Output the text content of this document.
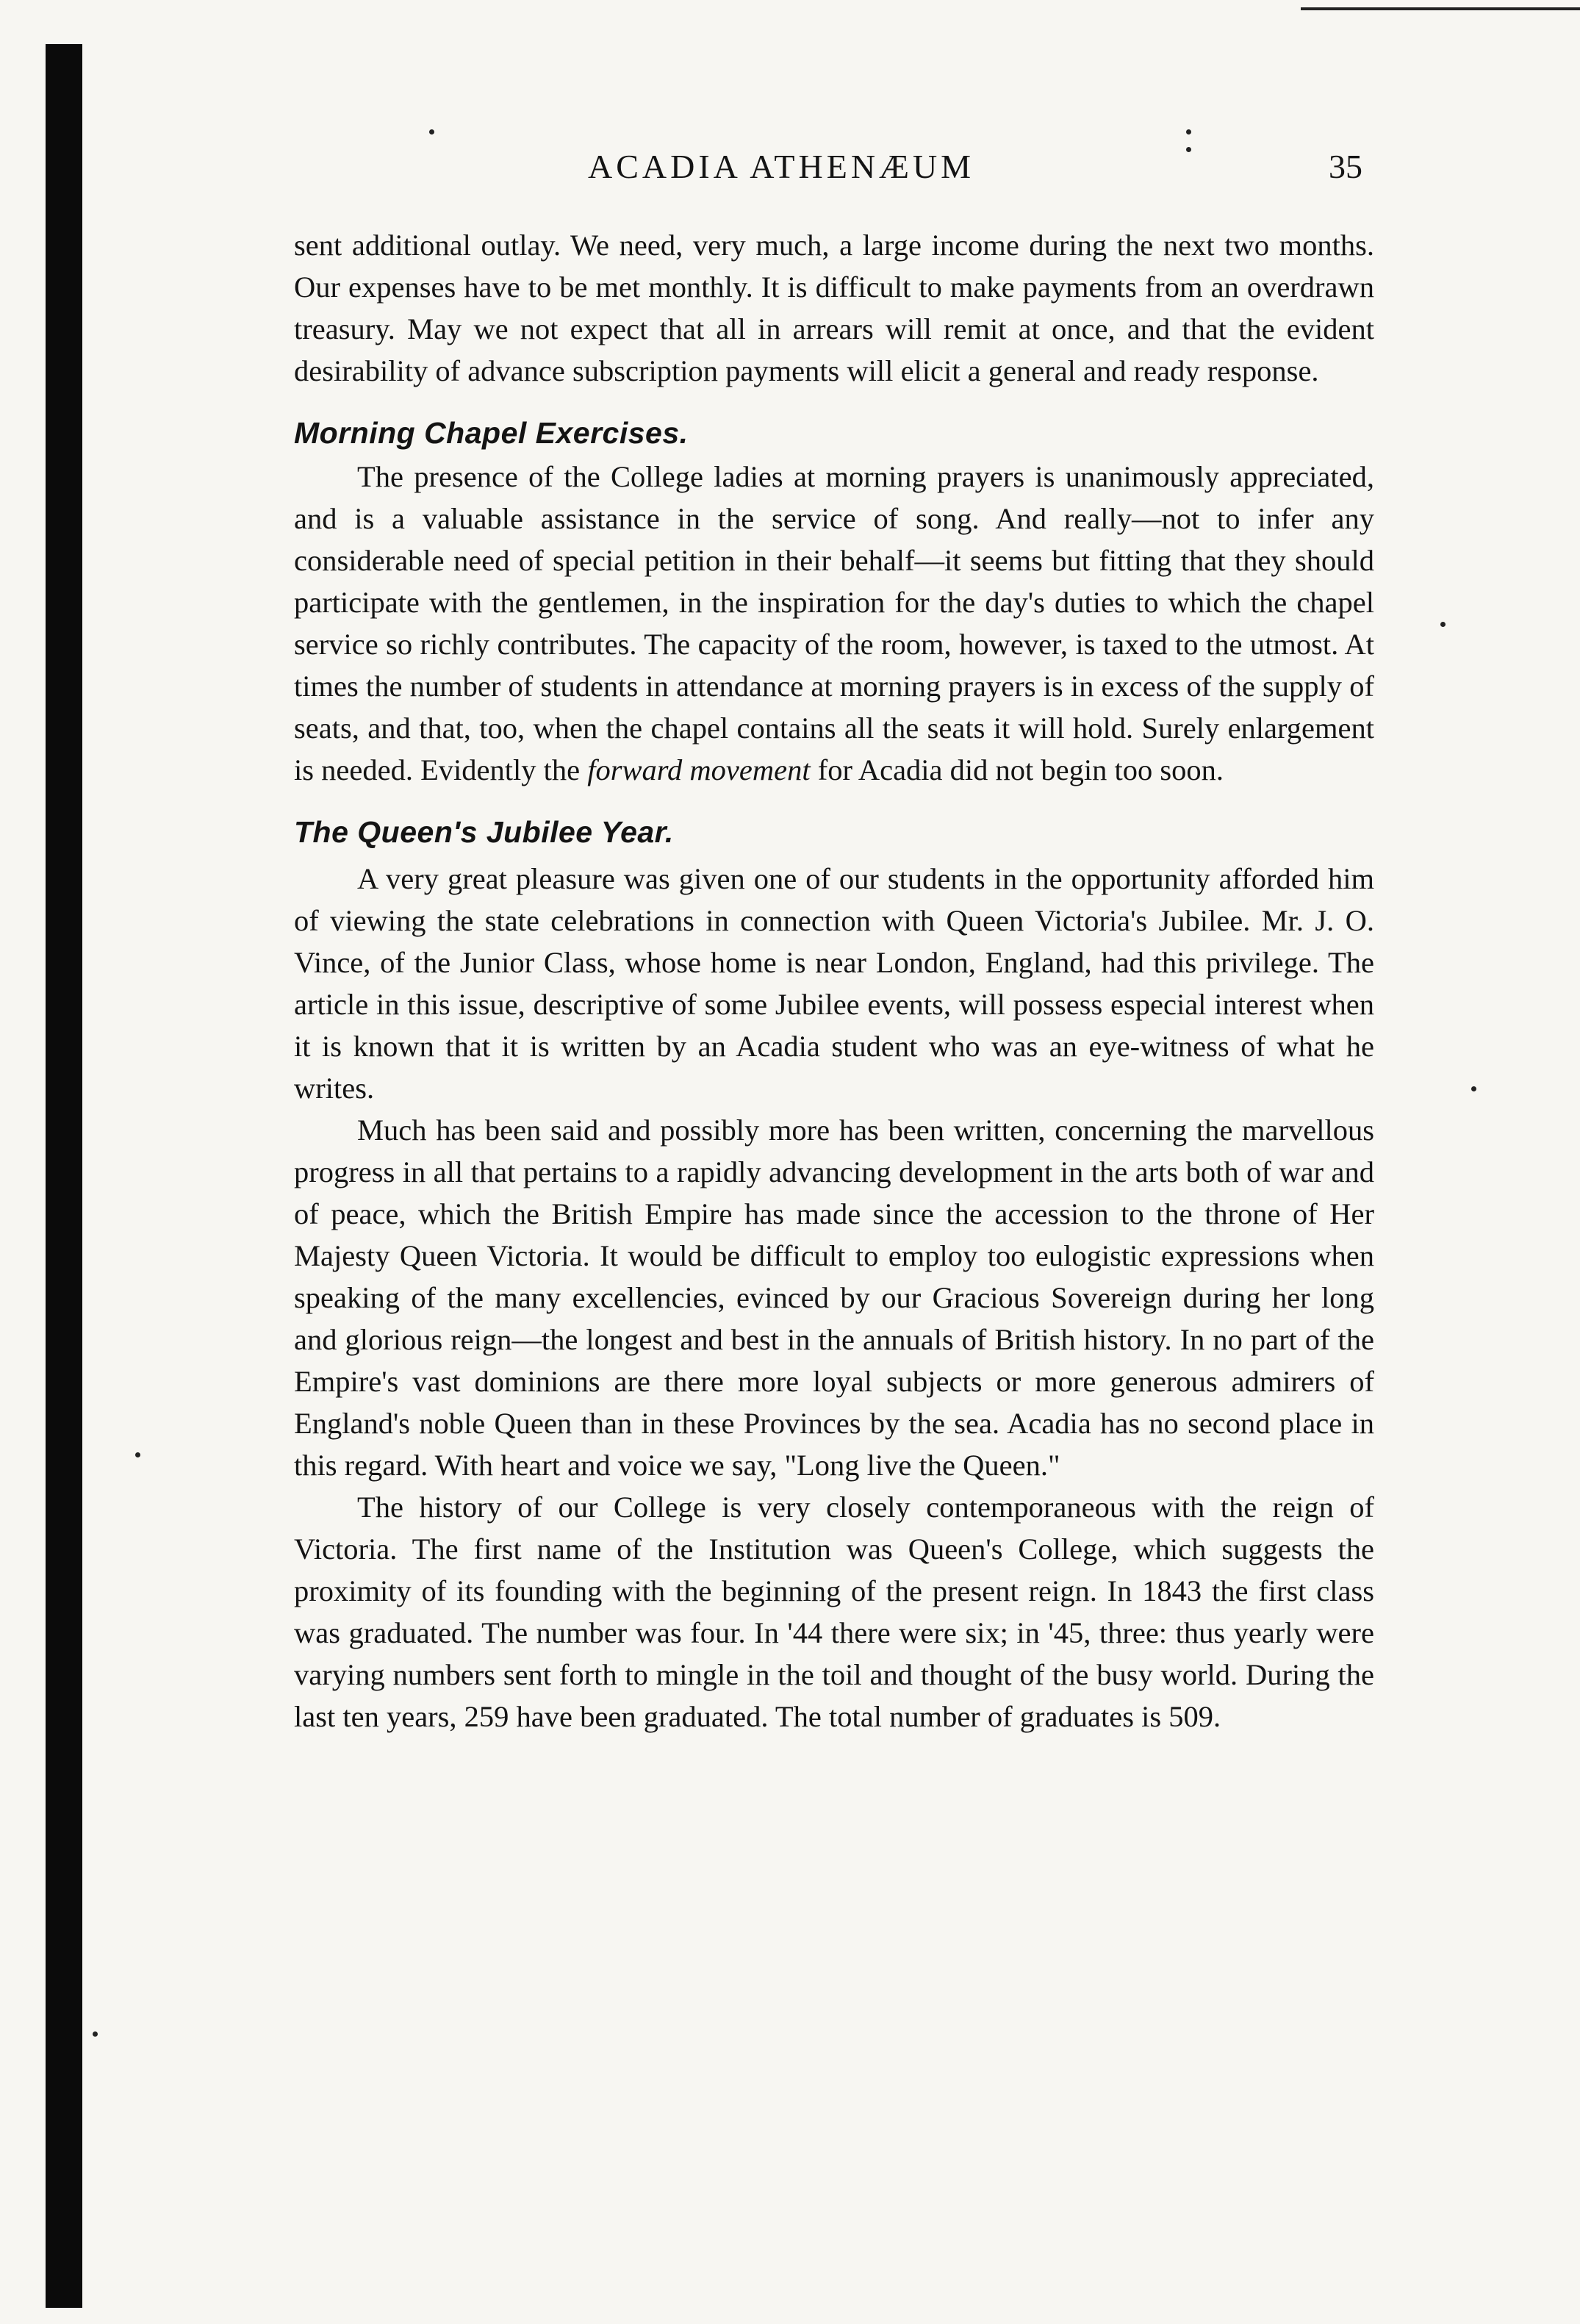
ACADIA ATHENÆUM	35

sent additional outlay. We need, very much, a large income during the next two months. Our expenses have to be met monthly. It is difficult to make payments from an overdrawn treasury. May we not expect that all in arrears will remit at once, and that the evident desirability of advance subscription payments will elicit a general and ready response.

Morning Chapel Exercises.

The presence of the College ladies at morning prayers is unanimously appreciated, and is a valuable assistance in the service of song. And really—not to infer any considerable need of special petition in their behalf—it seems but fitting that they should participate with the gentlemen, in the inspiration for the day's duties to which the chapel service so richly contributes. The capacity of the room, however, is taxed to the utmost. At times the number of students in attendance at morning prayers is in excess of the supply of seats, and that, too, when the chapel contains all the seats it will hold. Surely enlargement is needed. Evidently the forward movement for Acadia did not begin too soon.

The Queen's Jubilee Year.

A very great pleasure was given one of our students in the opportunity afforded him of viewing the state celebrations in connection with Queen Victoria's Jubilee. Mr. J. O. Vince, of the Junior Class, whose home is near London, England, had this privilege. The article in this issue, descriptive of some Jubilee events, will possess especial interest when it is known that it is written by an Acadia student who was an eye-witness of what he writes.

Much has been said and possibly more has been written, concerning the marvellous progress in all that pertains to a rapidly advancing development in the arts both of war and of peace, which the British Empire has made since the accession to the throne of Her Majesty Queen Victoria. It would be difficult to employ too eulogistic expressions when speaking of the many excellencies, evinced by our Gracious Sovereign during her long and glorious reign—the longest and best in the annuals of British history. In no part of the Empire's vast dominions are there more loyal subjects or more generous admirers of England's noble Queen than in these Provinces by the sea. Acadia has no second place in this regard. With heart and voice we say, "Long live the Queen."

The history of our College is very closely contemporaneous with the reign of Victoria. The first name of the Institution was Queen's College, which suggests the proximity of its founding with the beginning of the present reign. In 1843 the first class was graduated. The number was four. In '44 there were six; in '45, three: thus yearly were varying numbers sent forth to mingle in the toil and thought of the busy world. During the last ten years, 259 have been graduated. The total number of graduates is 509.
